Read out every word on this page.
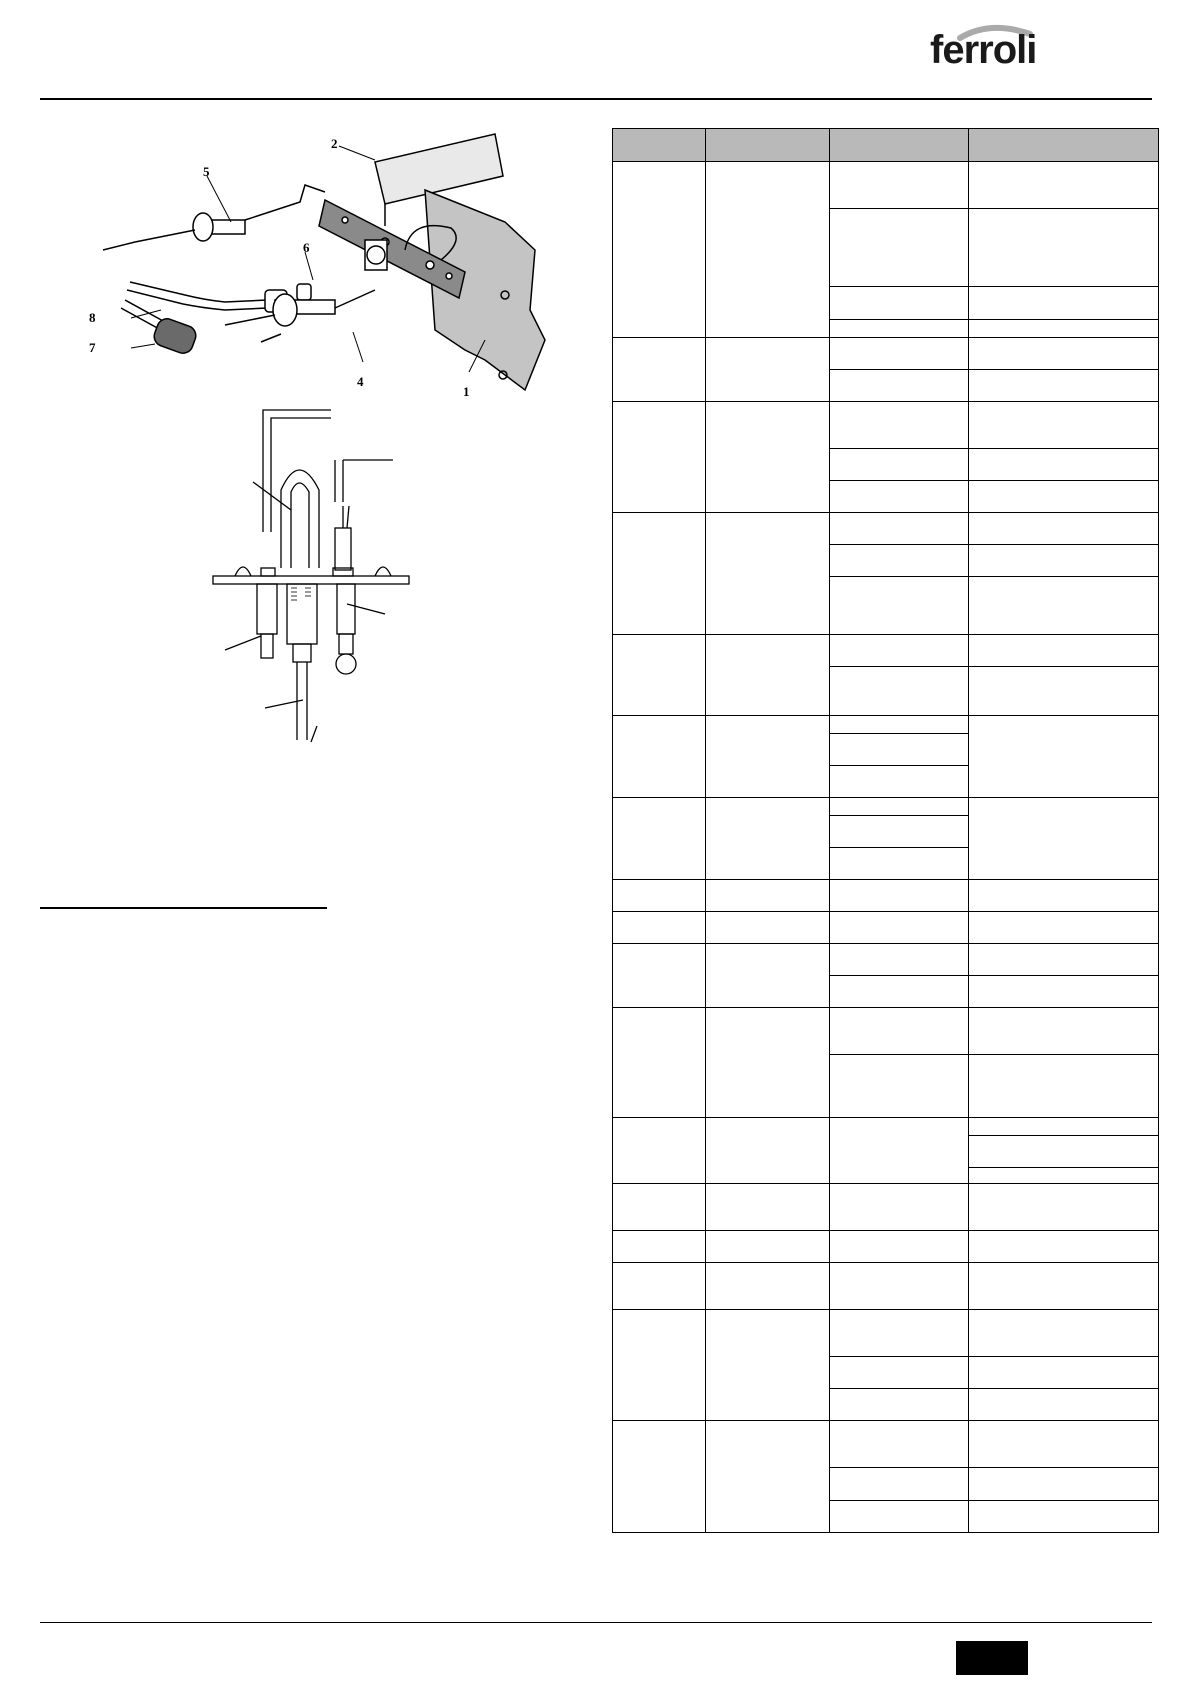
ferroli
2
5
6
8
7
4
1
